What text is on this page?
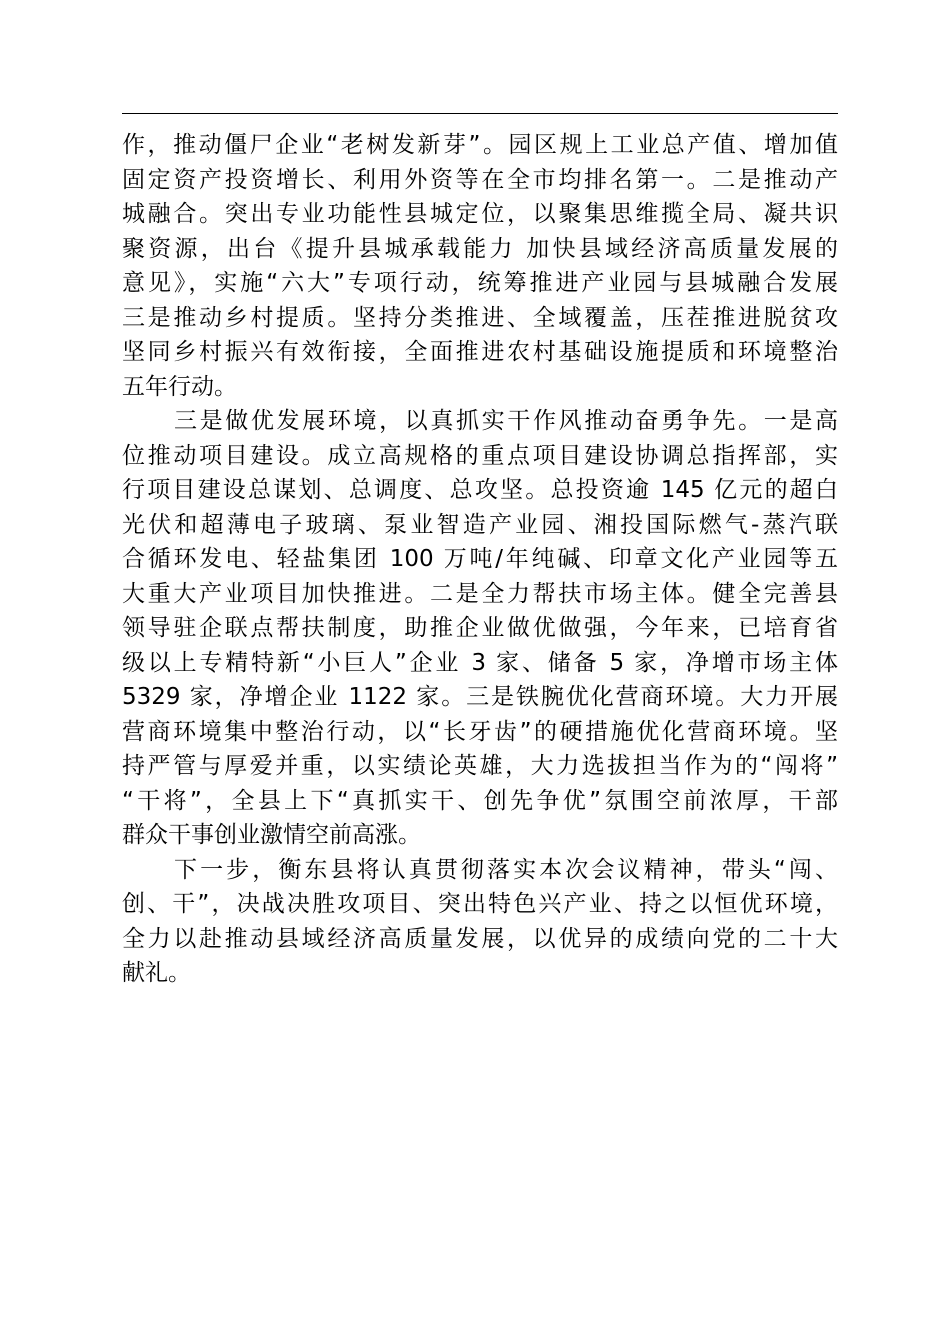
作，推动僵尸企业“老树发新芽”。园区规上工业总产值、增加值
固定资产投资增长、利用外资等在全市均排名第一。二是推动产
城融合。突出专业功能性县城定位，以聚集思维揽全局、凝共识
聚资源，出台《提升县城承载能力 加快县域经济高质量发展的
意见》，实施“六大”专项行动，统筹推进产业园与县城融合发展
三是推动乡村提质。坚持分类推进、全域覆盖，压茬推进脱贫攻
坚同乡村振兴有效衔接，全面推进农村基础设施提质和环境整治
五年行动。
三是做优发展环境，以真抓实干作风推动奋勇争先。一是高
位推动项目建设。成立高规格的重点项目建设协调总指挥部，实
行项目建设总谋划、总调度、总攻坚。总投资逾 145 亿元的超白
光伏和超薄电子玻璃、泵业智造产业园、湘投国际燃气-蒸汽联
合循环发电、轻盐集团 100 万吨/年纯碱、印章文化产业园等五
大重大产业项目加快推进。二是全力帮扶市场主体。健全完善县
领导驻企联点帮扶制度，助推企业做优做强，今年来，已培育省
级以上专精特新“小巨人”企业 3 家、储备 5 家，净增市场主体
5329 家，净增企业 1122 家。三是铁腕优化营商环境。大力开展
营商环境集中整治行动，以“长牙齿”的硬措施优化营商环境。坚
持严管与厚爱并重，以实绩论英雄，大力选拔担当作为的“闯将”
“干将”，全县上下“真抓实干、创先争优”氛围空前浓厚，干部
群众干事创业激情空前高涨。
下一步，衡东县将认真贯彻落实本次会议精神，带头“闯、
创、干”，决战决胜攻项目、突出特色兴产业、持之以恒优环境，
全力以赴推动县域经济高质量发展，以优异的成绩向党的二十大
献礼。
